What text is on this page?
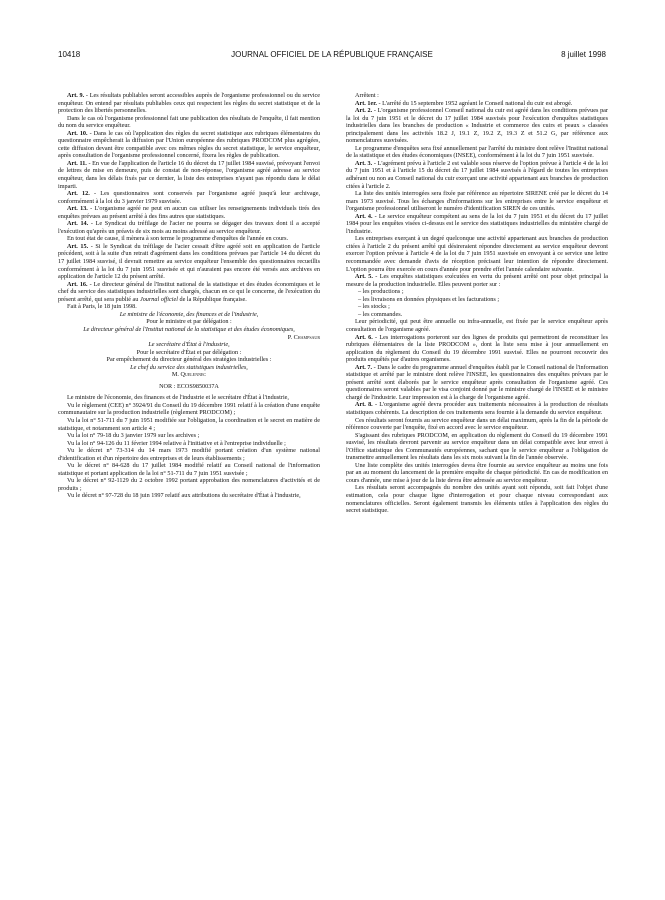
10418	JOURNAL OFFICIEL DE LA RÉPUBLIQUE FRANÇAISE	8 juillet 1998

Art. 9. - Les résultats publiables seront accessibles auprès de l'organisme professionnel ou du service enquêteur. On entend par résultats publiables ceux qui respectent les règles du secret statistique et de la protection des libertés personnelles.

Dans le cas où l'organisme professionnel fait une publication des résultats de l'enquête, il fait mention du nom du service enquêteur.

Art. 10. - Dans le cas où l'application des règles du secret statistique aux rubriques élémentaires du questionnaire empêcherait la diffusion par l'Union européenne des rubriques PRODCOM plus agrégées, cette diffusion devant être compatible avec ces mêmes règles du secret statistique, le service enquêteur, après consultation de l'organisme professionnel concerné, fixera les règles de publication.

Art. 11. - En vue de l'application de l'article 16 du décret du 17 juillet 1984 susvisé, prévoyant l'envoi de lettres de mise en demeure, puis de constat de non-réponse, l'organisme agréé adresse au service enquêteur, dans les délais fixés par ce dernier, la liste des entreprises n'ayant pas répondu dans le délai imparti.

Art. 12. - Les questionnaires sont conservés par l'organisme agréé jusqu'à leur archivage, conformément à la loi du 3 janvier 1979 susvisée.

Art. 13. - L'organisme agréé ne peut en aucun cas utiliser les renseignements individuels tirés des enquêtes prévues au présent arrêté à des fins autres que statistiques.

Art. 14. - Le Syndicat du tréfilage de l'acier ne pourra se dégager des travaux dont il a accepté l'exécution qu'après un préavis de six mois au moins adressé au service enquêteur.

En tout état de cause, il mènera à son terme le programme d'enquêtes de l'année en cours.

Art. 15. - Si le Syndicat du tréfilage de l'acier cessait d'être agréé soit en application de l'article précédent, soit à la suite d'un retrait d'agrément dans les conditions prévues par l'article 14 du décret du 17 juillet 1984 susvisé, il devrait remettre au service enquêteur l'ensemble des questionnaires recueillis conformément à la loi du 7 juin 1951 susvisée et qui n'auraient pas encore été versés aux archives en application de l'article 12 du présent arrêté.

Art. 16. - Le directeur général de l'Institut national de la statistique et des études économiques et le chef du service des statistiques industrielles sont chargés, chacun en ce qui le concerne, de l'exécution du présent arrêté, qui sera publié au Journal officiel de la République française.

Fait à Paris, le 18 juin 1998.

Le ministre de l'économie, des finances et de l'industrie,

Pour le ministre et par délégation :

Le directeur général de l'Institut national de la statistique et des études économiques,

P. Champsaur

Le secrétaire d'État à l'industrie,

Pour le secrétaire d'État et par délégation :

Par empêchement du directeur général des stratégies industrielles :

Le chef du service des statistiques industrielles,

M. Quelennec

NOR : ECOS9850037A

Le ministre de l'économie, des finances et de l'industrie et le secrétaire d'État à l'industrie,

Vu le règlement (CEE) n° 3924/91 du Conseil du 19 décembre 1991 relatif à la création d'une enquête communautaire sur la production industrielle (règlement PRODCOM) ;

Vu la loi n° 51-711 du 7 juin 1951 modifiée sur l'obligation, la coordination et le secret en matière de statistique, et notamment son article 4 ;

Vu la loi n° 79-18 du 3 janvier 1979 sur les archives ;

Vu la loi n° 94-126 du 11 février 1994 relative à l'initiative et à l'entreprise individuelle ;

Vu le décret n° 73-314 du 14 mars 1973 modifié portant création d'un système national d'identification et d'un répertoire des entreprises et de leurs établissements ;

Vu le décret n° 84-628 du 17 juillet 1984 modifié relatif au Conseil national de l'information statistique et portant application de la loi n° 51-711 du 7 juin 1951 susvisée ;

Vu le décret n° 92-1129 du 2 octobre 1992 portant approbation des nomenclatures d'activités et de produits ;

Vu le décret n° 97-728 du 18 juin 1997 relatif aux attributions du secrétaire d'État à l'industrie,

Arrêtent :

Art. 1er. - L'arrêté du 15 septembre 1952 agréant le Conseil national du cuir est abrogé.

Art. 2. - L'organisme professionnel Conseil national du cuir est agréé dans les conditions prévues par la loi du 7 juin 1951 et le décret du 17 juillet 1984 susvisés pour l'exécution d'enquêtes statistiques industrielles dans les branches de production « Industrie et commerce des cuirs et peaux » classées principalement dans les activités 18.2 J, 19.1 Z, 19.2 Z, 19.3 Z et 51.2 G, par référence aux nomenclatures susvisées.

Le programme d'enquêtes sera fixé annuellement par l'arrêté du ministre dont relève l'Institut national de la statistique et des études économiques (INSEE), conformément à la loi du 7 juin 1951 susvisée.

Art. 3. - L'agrément prévu à l'article 2 est valable sous réserve de l'option prévue à l'article 4 de la loi du 7 juin 1951 et à l'article 15 du décret du 17 juillet 1984 susvisés à l'égard de toutes les entreprises adhérant ou non au Conseil national du cuir exerçant une activité appartenant aux branches de production citées à l'article 2.

La liste des unités interrogées sera fixée par référence au répertoire SIRENE créé par le décret du 14 mars 1973 susvisé. Tous les échanges d'informations sur les entreprises entre le service enquêteur et l'organisme professionnel utiliseront le numéro d'identification SIREN de ces unités.

Art. 4. - Le service enquêteur compétent au sens de la loi du 7 juin 1951 et du décret du 17 juillet 1984 pour les enquêtes visées ci-dessus est le service des statistiques industrielles du ministère chargé de l'industrie.

Les entreprises exerçant à un degré quelconque une activité appartenant aux branches de production citées à l'article 2 du présent arrêté qui désireraient répondre directement au service enquêteur devront exercer l'option prévue à l'article 4 de la loi du 7 juin 1951 susvisée en envoyant à ce service une lettre recommandée avec demande d'avis de réception précisant leur intention de répondre directement. L'option pourra être exercée en cours d'année pour prendre effet l'année calendaire suivante.

Art. 5. - Les enquêtes statistiques exécutées en vertu du présent arrêté ont pour objet principal la mesure de la production industrielle. Elles peuvent porter sur :

– les productions ;
– les livraisons en données physiques et les facturations ;
– les stocks ;
– les commandes.

Leur périodicité, qui peut être annuelle ou infra-annuelle, est fixée par le service enquêteur après consultation de l'organisme agréé.

Art. 6. - Les interrogations porteront sur des lignes de produits qui permettront de reconstituer les rubriques élémentaires de la liste PRODCOM », dont la liste sera mise à jour annuellement en application du règlement du Conseil du 19 décembre 1991 susvisé. Elles ne pourront recouvrir des produits enquêtés par d'autres organismes.

Art. 7. - Dans le cadre du programme annuel d'enquêtes établi par le Conseil national de l'information statistique et arrêté par le ministre dont relève l'INSEE, les questionnaires des enquêtes prévues par le présent arrêté sont élaborés par le service enquêteur après consultation de l'organisme agréé. Ces questionnaires seront valables par le visa conjoint donné par le ministre chargé de l'INSEE et le ministre chargé de l'industrie. Leur impression est à la charge de l'organisme agréé.

Art. 8. - L'organisme agréé devra procéder aux traitements nécessaires à la production de résultats statistiques cohérents. La description de ces traitements sera fournie à la demande du service enquêteur.

Ces résultats seront fournis au service enquêteur dans un délai maximum, après la fin de la période de référence couverte par l'enquête, fixé en accord avec le service enquêteur.

S'agissant des rubriques PRODCOM, en application du règlement du Conseil du 19 décembre 1991 susvisé, les résultats devront parvenir au service enquêteur dans un délai compatible avec leur envoi à l'Office statistique des Communautés européennes, sachant que le service enquêteur a l'obligation de transmettre annuellement les résultats dans les six mois suivant la fin de l'année observée.

Une liste complète des unités interrogées devra être fournie au service enquêteur au moins une fois par an au moment du lancement de la première enquête de chaque périodicité. En cas de modification en cours d'année, une mise à jour de la liste devra être adressée au service enquêteur.

Les résultats seront accompagnés du nombre des unités ayant soit répondu, soit fait l'objet d'une estimation, cela pour chaque ligne d'interrogation et pour chaque niveau correspondant aux nomenclatures officielles. Seront également transmis les éléments utiles à l'application des règles du secret statistique.
